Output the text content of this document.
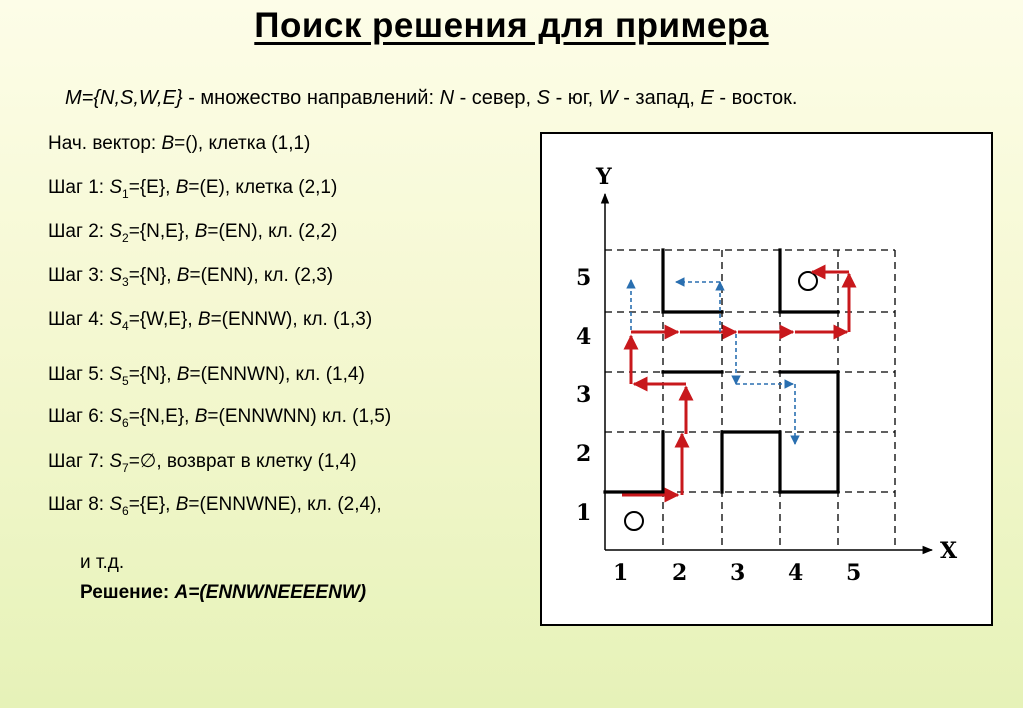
Поиск решения для примера
M={N,S,W,E} - множество направлений: N - север, S - юг, W - запад, E - восток.
Нач. вектор: B=(), клетка (1,1)
Шаг 1: $S_1=\{E\}$, B=(E), клетка (2,1)
Шаг 2: $S_2=\{N,E\}$, B=(EN), кл. (2,2)
Шаг 3: $S_3=\{N\}$, B=(ENN), кл. (2,3)
Шаг 4: $S_4=\{W,E\}$, B=(ENNW), кл. (1,3)
Шаг 5: $S_5=\{N\}$, B=(ENNWN), кл. (1,4)
Шаг 6: $S_6=\{N,E\}$, B=(ENNWNN) кл. (1,5)
Шаг 7: $S_7=\emptyset$, возврат в клетку (1,4)
Шаг 8: $S_6=\{E\}$, B=(ENNWNE), кл. (2,4),
и т.д.
Решение: A=(ENNWNEEEENW)
Y
X
1 2 3 4 5
5
4
3
2
1
